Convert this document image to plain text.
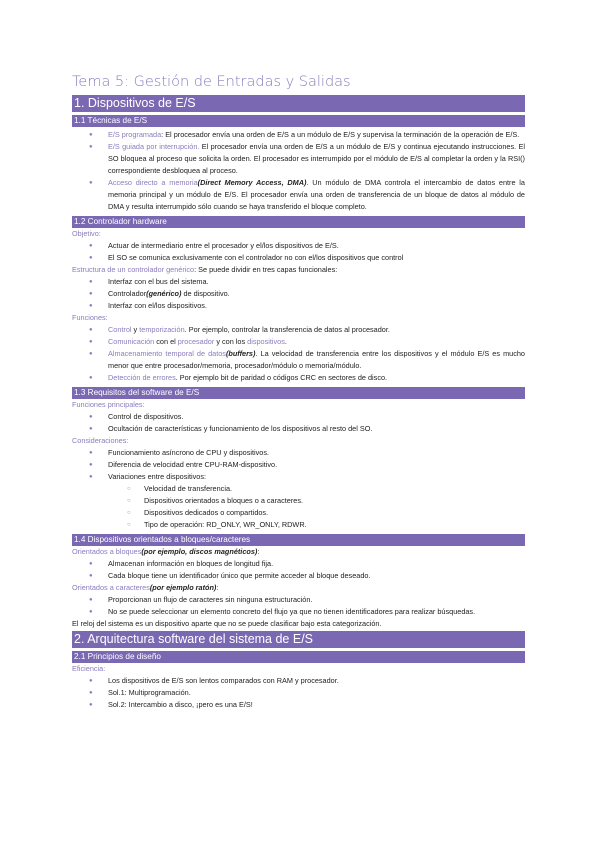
Tema 5: Gestión de Entradas y Salidas
1. Dispositivos de E/S
1.1 Técnicas de E/S
● E/S programada: El procesador envía una orden de E/S a un módulo de E/S y supervisa la terminación de la operación de E/S.
● E/S guiada por interrupción. El procesador envía una orden de E/S a un módulo de E/S y continua ejecutando instrucciones. El SO bloquea al proceso que solicita la orden. El procesador es interrumpido por el módulo de E/S al completar la orden y la RSI() correspondiente desbloquea al proceso.
● Acceso directo a memoria(Direct Memory Access, DMA). Un módulo de DMA controla el intercambio de datos entre la memoria principal y un módulo de E/S. El procesador envía una orden de transferencia de un bloque de datos al módulo de DMA y resulta interrumpido sólo cuando se haya transferido el bloque completo.
1.2 Controlador hardware
Objetivo:
● Actuar de intermediario entre el procesador y el/los dispositivos de E/S.
● El SO se comunica exclusivamente con el controlador no con el/los dispositivos que control
Estructura de un controlador genérico: Se puede dividir en tres capas funcionales:
● Interfaz con el bus del sistema.
● Controlador(genérico) de dispositivo.
● Interfaz con el/los dispositivos.
Funciones:
● Control y temporización. Por ejemplo, controlar la transferencia de datos al procesador.
● Comunicación con el procesador y con los dispositivos.
● Almacenamiento temporal de datos(buffers). La velocidad de transferencia entre los dispositivos y el módulo E/S es mucho menor que entre procesador/memoria, procesador/módulo o memoria/módulo.
● Detección de errores. Por ejemplo bit de paridad o códigos CRC en sectores de disco.
1.3 Requisitos del software de E/S
Funciones principales:
● Control de dispositivos.
● Ocultación de características y funcionamiento de los dispositivos al resto del SO.
Consideraciones:
● Funcionamiento asíncrono de CPU y dispositivos.
● Diferencia de velocidad entre CPU-RAM-dispositivo.
● Variaciones entre dispositivos:
○ Velocidad de transferencia.
○ Dispositivos orientados a bloques o a caracteres.
○ Dispositivos dedicados o compartidos.
○ Tipo de operación: RD_ONLY, WR_ONLY, RDWR.
1.4 Dispositivos orientados a bloques/caracteres
Orientados a bloques(por ejemplo, discos magnéticos):
● Almacenan información en bloques de longitud fija.
● Cada bloque tiene un identificador único que permite acceder al bloque deseado.
Orientados a caracteres(por ejemplo ratón):
● Proporcionan un flujo de caracteres sin ninguna estructuración.
● No se puede seleccionar un elemento concreto del flujo ya que no tienen identificadores para realizar búsquedas.
El reloj del sistema es un dispositivo aparte que no se puede clasificar bajo esta categorización.
2. Arquitectura software del sistema de E/S
2.1 Principios de diseño
Eficiencia:
● Los dispositivos de E/S son lentos comparados con RAM y procesador.
● Sol.1: Multiprogramación.
● Sol.2: Intercambio a disco, ¡pero es una E/S!
